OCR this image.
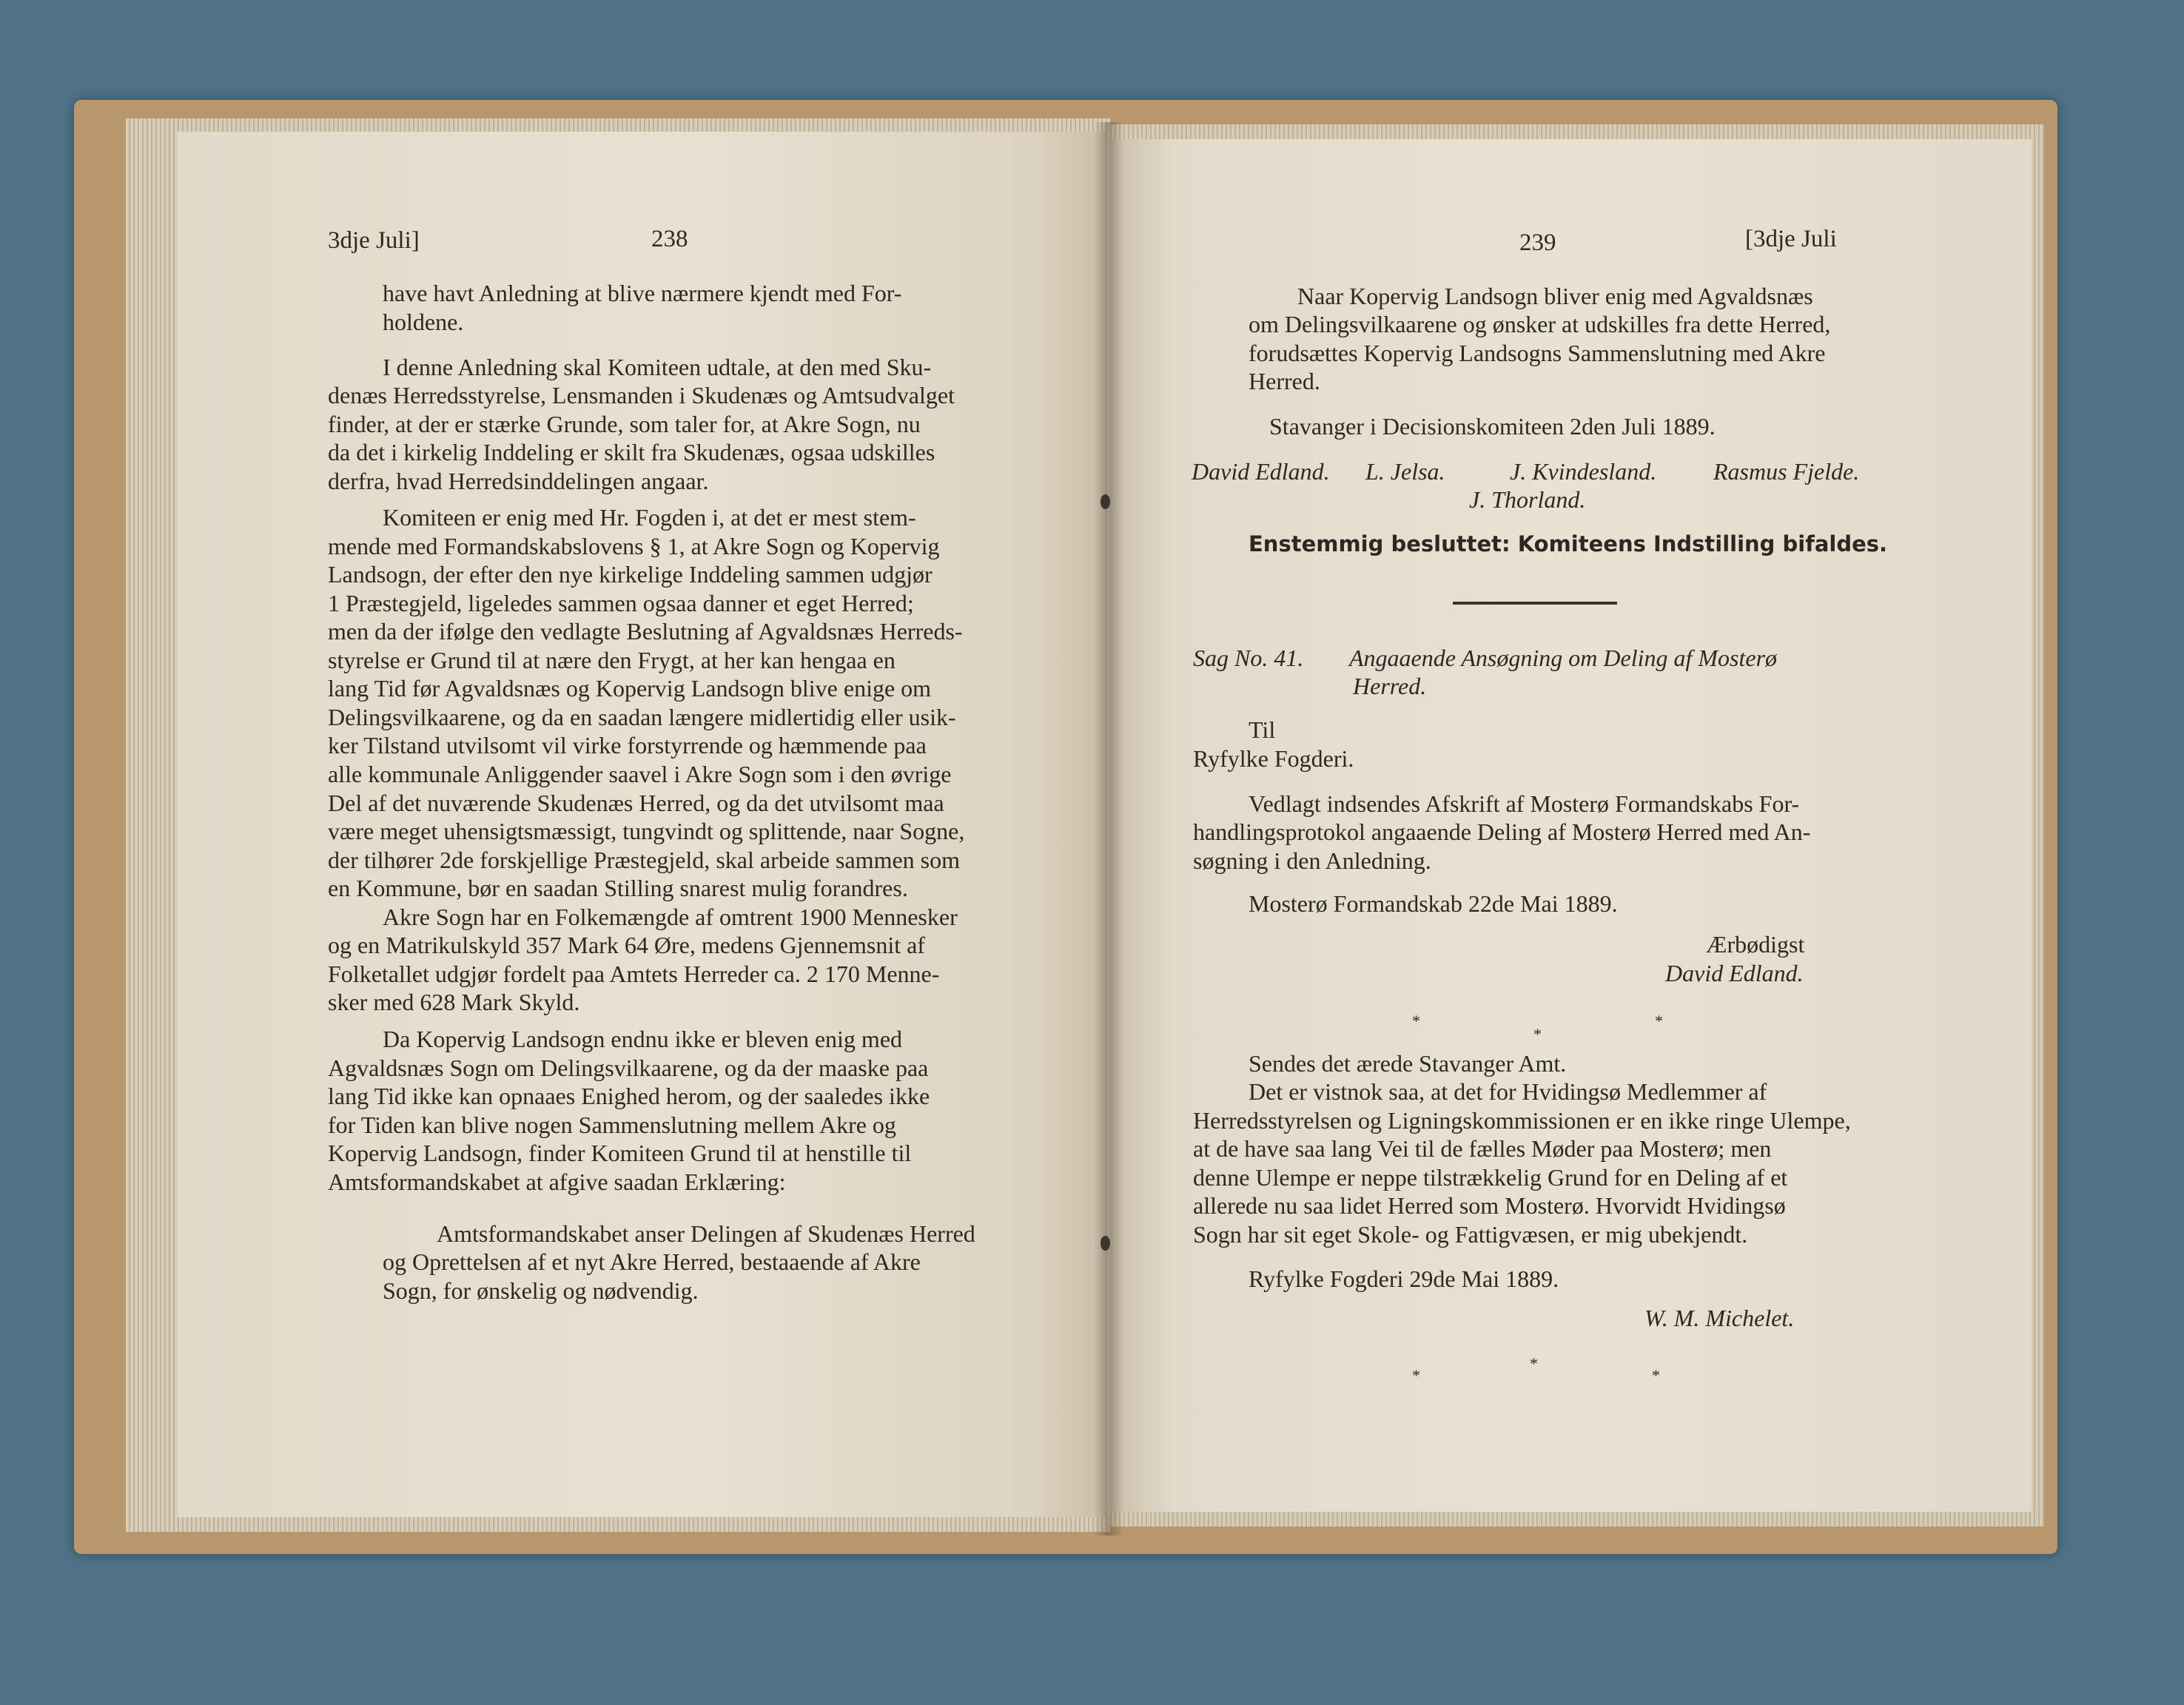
3dje Juli]	238
have havt Anledning at blive nærmere kjendt med For-
holdene.
I denne Anledning skal Komiteen udtale, at den med Sku-
denæs Herredsstyrelse, Lensmanden i Skudenæs og Amtsudvalget
finder, at der er stærke Grunde, som taler for, at Akre Sogn, nu
da det i kirkelig Inddeling er skilt fra Skudenæs, ogsaa udskilles
derfra, hvad Herredsinddelingen angaar.
Komiteen er enig med Hr. Fogden i, at det er mest stem-
mende med Formandskabslovens § 1, at Akre Sogn og Kopervig
Landsogn, der efter den nye kirkelige Inddeling sammen udgjør
1 Præstegjeld, ligeledes sammen ogsaa danner et eget Herred;
men da der ifølge den vedlagte Beslutning af Agvaldsnæs Herreds-
styrelse er Grund til at nære den Frygt, at her kan hengaa en
lang Tid før Agvaldsnæs og Kopervig Landsogn blive enige om
Delingsvilkaarene, og da en saadan længere midlertidig eller usik-
ker Tilstand utvilsomt vil virke forstyrrende og hæmmende paa
alle kommunale Anliggender saavel i Akre Sogn som i den øvrige
Del af det nuværende Skudenæs Herred, og da det utvilsomt maa
være meget uhensigtsmæssigt, tungvindt og splittende, naar Sogne,
der tilhører 2de forskjellige Præstegjeld, skal arbeide sammen som
en Kommune, bør en saadan Stilling snarest mulig forandres.
Akre Sogn har en Folkemængde af omtrent 1900 Mennesker
og en Matrikulskyld 357 Mark 64 Øre, medens Gjennemsnit af
Folketallet udgjør fordelt paa Amtets Herreder ca. 2 170 Menne-
sker med 628 Mark Skyld.
Da Kopervig Landsogn endnu ikke er bleven enig med
Agvaldsnæs Sogn om Delingsvilkaarene, og da der maaske paa
lang Tid ikke kan opnaaes Enighed herom, og der saaledes ikke
for Tiden kan blive nogen Sammenslutning mellem Akre og
Kopervig Landsogn, finder Komiteen Grund til at henstille til
Amtsformandskabet at afgive saadan Erklæring:
Amtsformandskabet anser Delingen af Skudenæs Herred
og Oprettelsen af et nyt Akre Herred, bestaaende af Akre
Sogn, for ønskelig og nødvendig.
239	[3dje Juli
Naar Kopervig Landsogn bliver enig med Agvaldsnæs
om Delingsvilkaarene og ønsker at udskilles fra dette Herred,
forudsættes Kopervig Landsogns Sammenslutning med Akre
Herred.
Stavanger i Decisionskomiteen 2den Juli 1889.
David Edland. L. Jelsa.	J. Kvindesland. Rasmus Fjelde.
J. Thorland.
Enstemmig besluttet: Komiteens Indstilling bifaldes.
Sag No. 41. Angaaende Ansøgning om Deling af Mosterø
Herred.
Til
Ryfylke Fogderi.
Vedlagt indsendes Afskrift af Mosterø Formandskabs For-
handlingsprotokol angaaende Deling af Mosterø Herred med An-
søgning i den Anledning.
Mosterø Formandskab 22de Mai 1889.
Ærbødigst
David Edland.
*
*
*
Sendes det ærede Stavanger Amt.
Det er vistnok saa, at det for Hvidingsø Medlemmer af
Herredsstyrelsen og Ligningskommissionen er en ikke ringe Ulempe,
at de have saa lang Vei til de fælles Møder paa Mosterø; men
denne Ulempe er neppe tilstrækkelig Grund for en Deling af et
allerede nu saa lidet Herred som Mosterø. Hvorvidt Hvidingsø
Sogn har sit eget Skole- og Fattigvæsen, er mig ubekjendt.
Ryfylke Fogderi 29de Mai 1889.
W. M. Michelet.
*
*
*
